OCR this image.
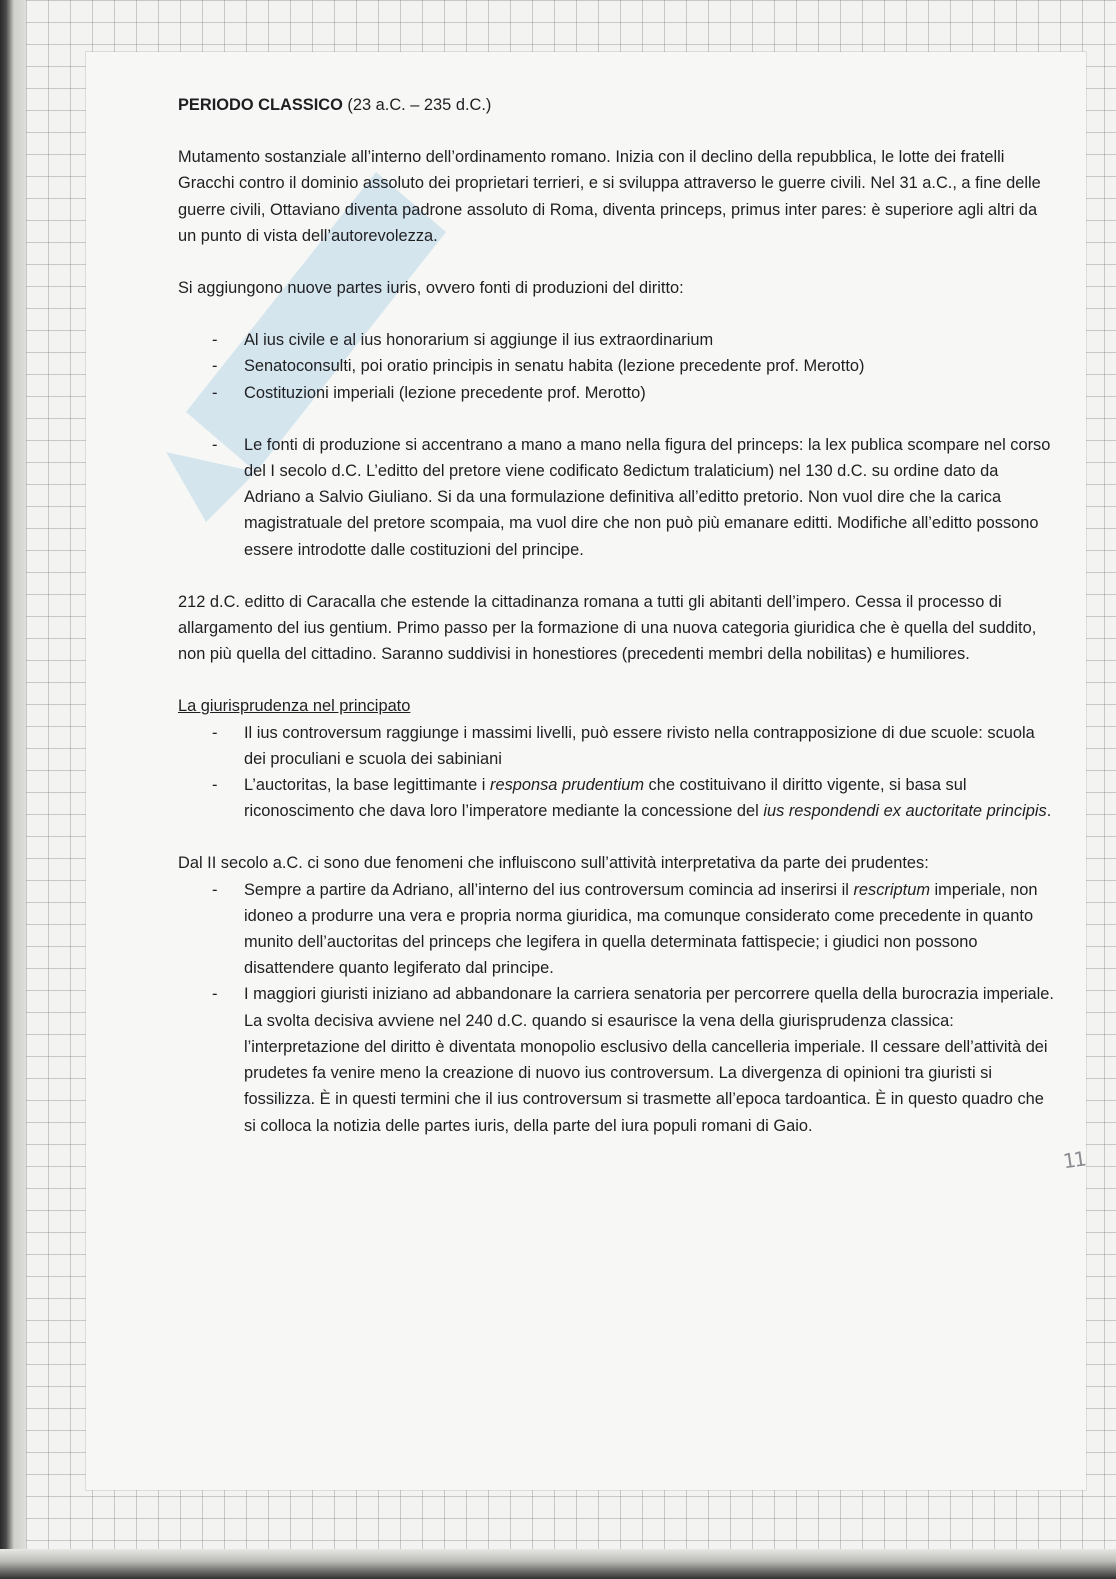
PERIODO CLASSICO (23 a.C. – 235 d.C.)

Mutamento sostanziale all’interno dell’ordinamento romano. Inizia con il declino della repubblica, le lotte dei fratelli Gracchi contro il dominio assoluto dei proprietari terrieri, e si sviluppa attraverso le guerre civili. Nel 31 a.C., a fine delle guerre civili, Ottaviano diventa padrone assoluto di Roma, diventa princeps, primus inter pares: è superiore agli altri da un punto di vista dell’autorevolezza.

Si aggiungono nuove partes iuris, ovvero fonti di produzioni del diritto:

- Al ius civile e al ius honorarium si aggiunge il ius extraordinarium
- Senatoconsulti, poi oratio principis in senatu habita (lezione precedente prof. Merotto)
- Costituzioni imperiali (lezione precedente prof. Merotto)
- Le fonti di produzione si accentrano a mano a mano nella figura del princeps: la lex publica scompare nel corso del I secolo d.C. L’editto del pretore viene codificato 8edictum tralaticium) nel 130 d.C. su ordine dato da Adriano a Salvio Giuliano. Si da una formulazione definitiva all’editto pretorio. Non vuol dire che la carica magistratuale del pretore scompaia, ma vuol dire che non può più emanare editti. Modifiche all’editto possono essere introdotte dalle costituzioni del principe.

212 d.C. editto di Caracalla che estende la cittadinanza romana a tutti gli abitanti dell’impero. Cessa il processo di allargamento del ius gentium. Primo passo per la formazione di una nuova categoria giuridica che è quella del suddito, non più quella del cittadino. Saranno suddivisi in honestiores (precedenti membri della nobilitas) e humiliores.

La giurisprudenza nel principato

- Il ius controversum raggiunge i massimi livelli, può essere rivisto nella contrapposizione di due scuole: scuola dei proculiani e scuola dei sabiniani
- L’auctoritas, la base legittimante i responsa prudentium che costituivano il diritto vigente, si basa sul riconoscimento che dava loro l’imperatore mediante la concessione del ius respondendi ex auctoritate principis.

Dal II secolo a.C. ci sono due fenomeni che influiscono sull’attività interpretativa da parte dei prudentes:

- Sempre a partire da Adriano, all’interno del ius controversum comincia ad inserirsi il rescriptum imperiale, non idoneo a produrre una vera e propria norma giuridica, ma comunque considerato come precedente in quanto munito dell’auctoritas del princeps che legifera in quella determinata fattispecie; i giudici non possono disattendere quanto legiferato dal principe.
- I maggiori giuristi iniziano ad abbandonare la carriera senatoria per percorrere quella della burocrazia imperiale. La svolta decisiva avviene nel 240 d.C. quando si esaurisce la vena della giurisprudenza classica: l’interpretazione del diritto è diventata monopolio esclusivo della cancelleria imperiale. Il cessare dell’attività dei prudetes fa venire meno la creazione di nuovo ius controversum. La divergenza di opinioni tra giuristi si fossilizza. È in questi termini che il ius controversum si trasmette all’epoca tardoantica. È in questo quadro che si colloca la notizia delle partes iuris, della parte del iura populi romani di Gaio.
11
